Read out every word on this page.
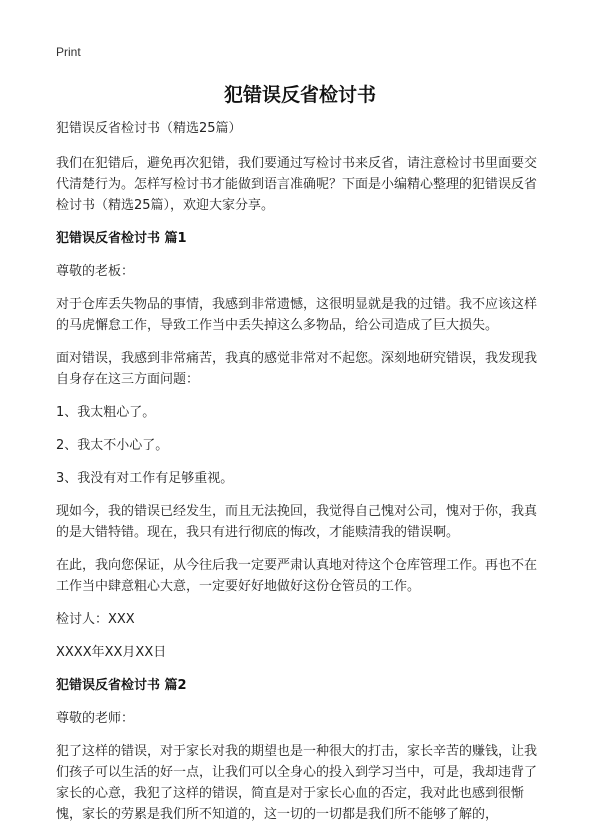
Print
犯错误反省检讨书

犯错误反省检讨书（精选25篇）

我们在犯错后，避免再次犯错，我们要通过写检讨书来反省，请注意检讨书里面要交代清楚行为。怎样写检讨书才能做到语言准确呢？下面是小编精心整理的犯错误反省检讨书（精选25篇），欢迎大家分享。

犯错误反省检讨书 篇1

尊敬的老板：

对于仓库丢失物品的事情，我感到非常遗憾，这很明显就是我的过错。我不应该这样的马虎懈怠工作，导致工作当中丢失掉这么多物品，给公司造成了巨大损失。

面对错误，我感到非常痛苦，我真的感觉非常对不起您。深刻地研究错误，我发现我自身存在这三方面问题：

1、我太粗心了。

2、我太不小心了。

3、我没有对工作有足够重视。

现如今，我的错误已经发生，而且无法挽回，我觉得自己愧对公司，愧对于你，我真的是大错特错。现在，我只有进行彻底的悔改，才能赎清我的错误啊。

在此，我向您保证，从今往后我一定要严肃认真地对待这个仓库管理工作。再也不在工作当中肆意粗心大意，一定要好好地做好这份仓管员的工作。

检讨人：XXX

XXXX年XX月XX日

犯错误反省检讨书 篇2

尊敬的老师：

犯了这样的错误，对于家长对我的期望也是一种很大的打击，家长辛苦的赚钱，让我们孩子可以生活的好一点，让我们可以全身心的投入到学习当中，可是，我却违背了家长的心意，我犯了这样的错误，简直是对于家长心血的否定，我对此也感到很惭愧，家长的劳累是我们所不知道的，这一切的一切都是我们所不能够了解的，
